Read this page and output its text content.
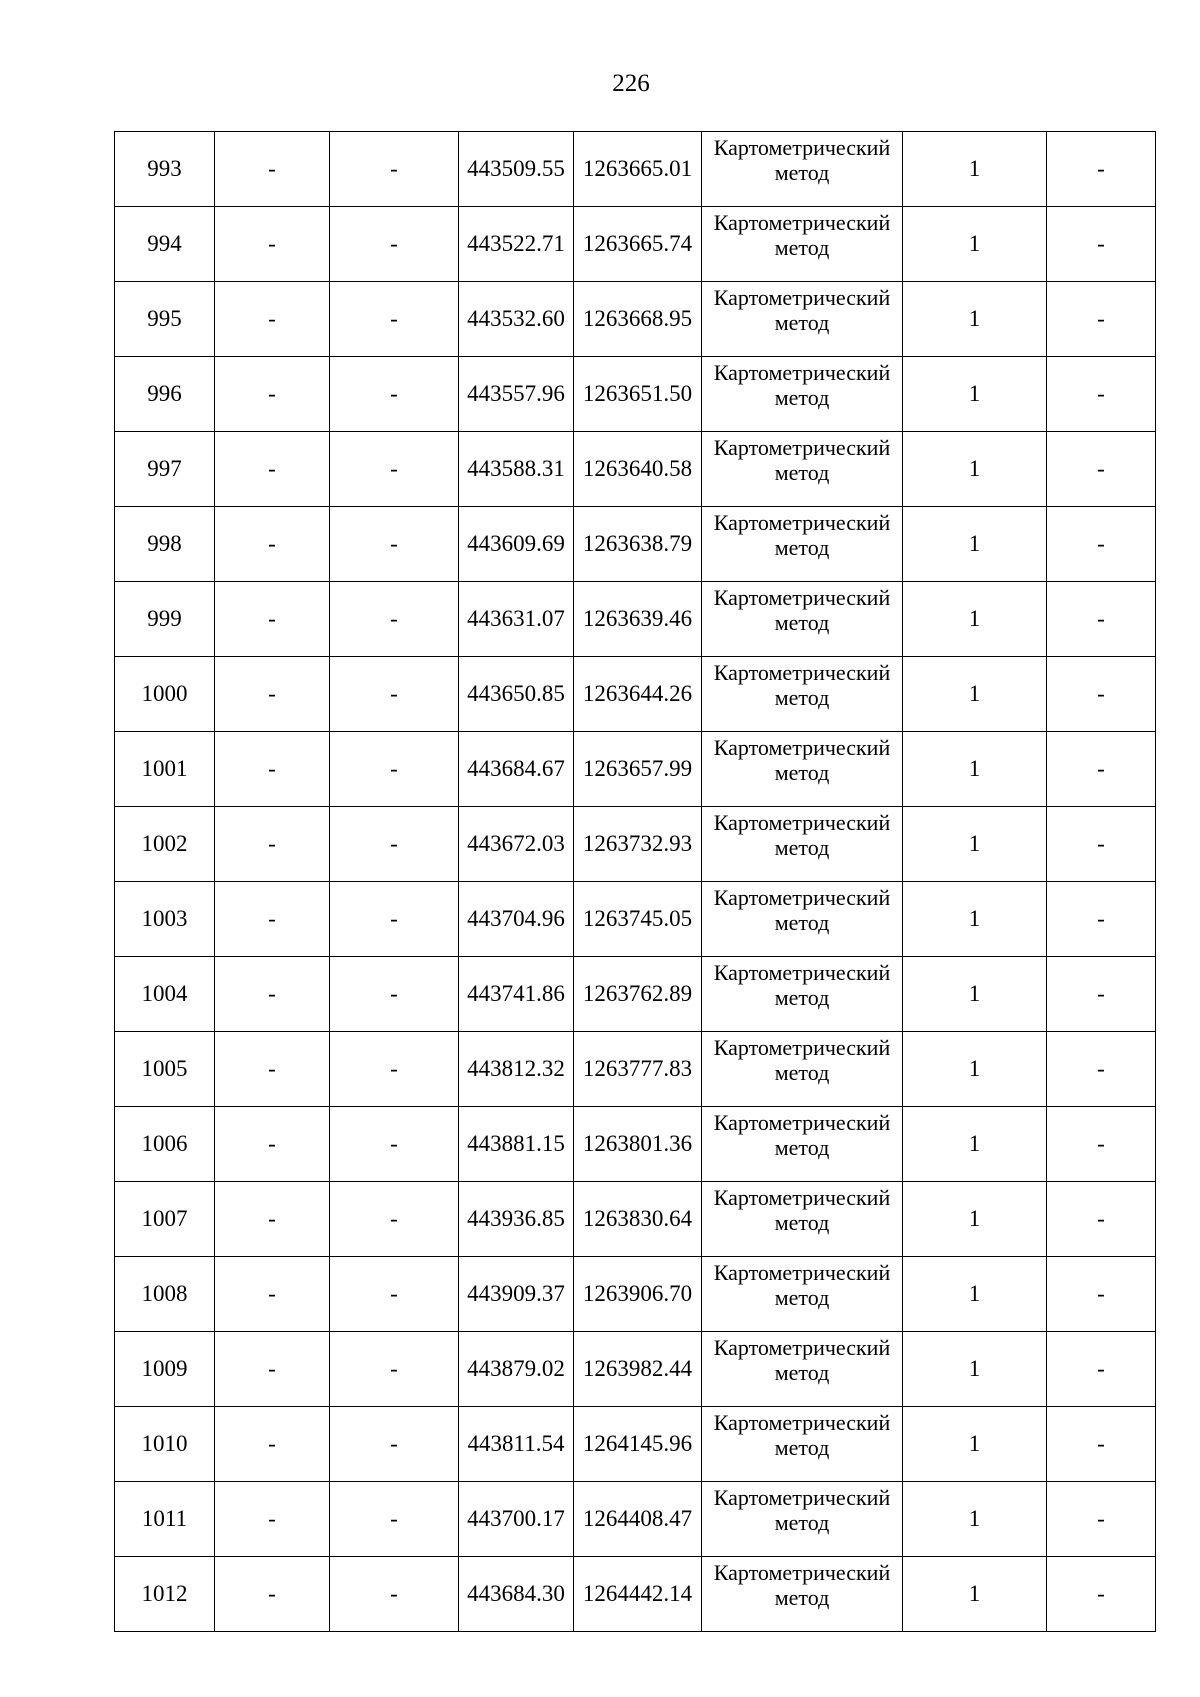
226
993	-	-	443509.55	1263665.01	Картометрический метод	1	-
994	-	-	443522.71	1263665.74	Картометрический метод	1	-
995	-	-	443532.60	1263668.95	Картометрический метод	1	-
996	-	-	443557.96	1263651.50	Картометрический метод	1	-
997	-	-	443588.31	1263640.58	Картометрический метод	1	-
998	-	-	443609.69	1263638.79	Картометрический метод	1	-
999	-	-	443631.07	1263639.46	Картометрический метод	1	-
1000	-	-	443650.85	1263644.26	Картометрический метод	1	-
1001	-	-	443684.67	1263657.99	Картометрический метод	1	-
1002	-	-	443672.03	1263732.93	Картометрический метод	1	-
1003	-	-	443704.96	1263745.05	Картометрический метод	1	-
1004	-	-	443741.86	1263762.89	Картометрический метод	1	-
1005	-	-	443812.32	1263777.83	Картометрический метод	1	-
1006	-	-	443881.15	1263801.36	Картометрический метод	1	-
1007	-	-	443936.85	1263830.64	Картометрический метод	1	-
1008	-	-	443909.37	1263906.70	Картометрический метод	1	-
1009	-	-	443879.02	1263982.44	Картометрический метод	1	-
1010	-	-	443811.54	1264145.96	Картометрический метод	1	-
1011	-	-	443700.17	1264408.47	Картометрический метод	1	-
1012	-	-	443684.30	1264442.14	Картометрический метод	1	-
